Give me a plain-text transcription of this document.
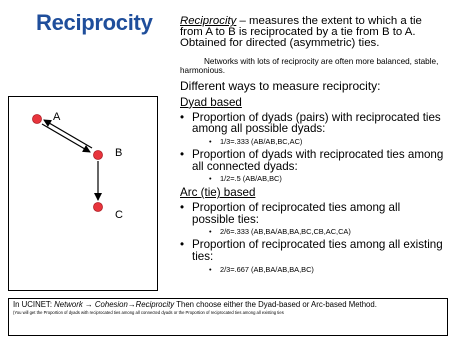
Reciprocity
A
B
C

Reciprocity – measures the extent to which a tie from A to B is reciprocated by a tie from B to A. Obtained for directed (asymmetric) ties.

Networks with lots of reciprocity are often more balanced, stable, harmonious.

Different ways to measure reciprocity:

Dyad based

• Proportion of dyads (pairs) with reciprocated ties among all possible dyads:

• 1/3=.333 (AB/AB,BC,AC)

• Proportion of dyads with reciprocated ties among all connected dyads:

• 1/2=.5 (AB/AB,BC)

Arc (tie) based

• Proportion of reciprocated ties among all possible ties:

• 2/6=.333 (AB,BA/AB,BA,BC,CB,AC,CA)

• Proportion of reciprocated ties among all existing ties:

• 2/3=.667 (AB,BA/AB,BA,BC)

In UCINET: Network → Cohesion→Reciprocity Then choose either the Dyad-based or Arc-based Method.

(You will get the Proportion of dyads with reciprocated ties among all connected dyads or the Proportion of reciprocated ties among all existing ties
